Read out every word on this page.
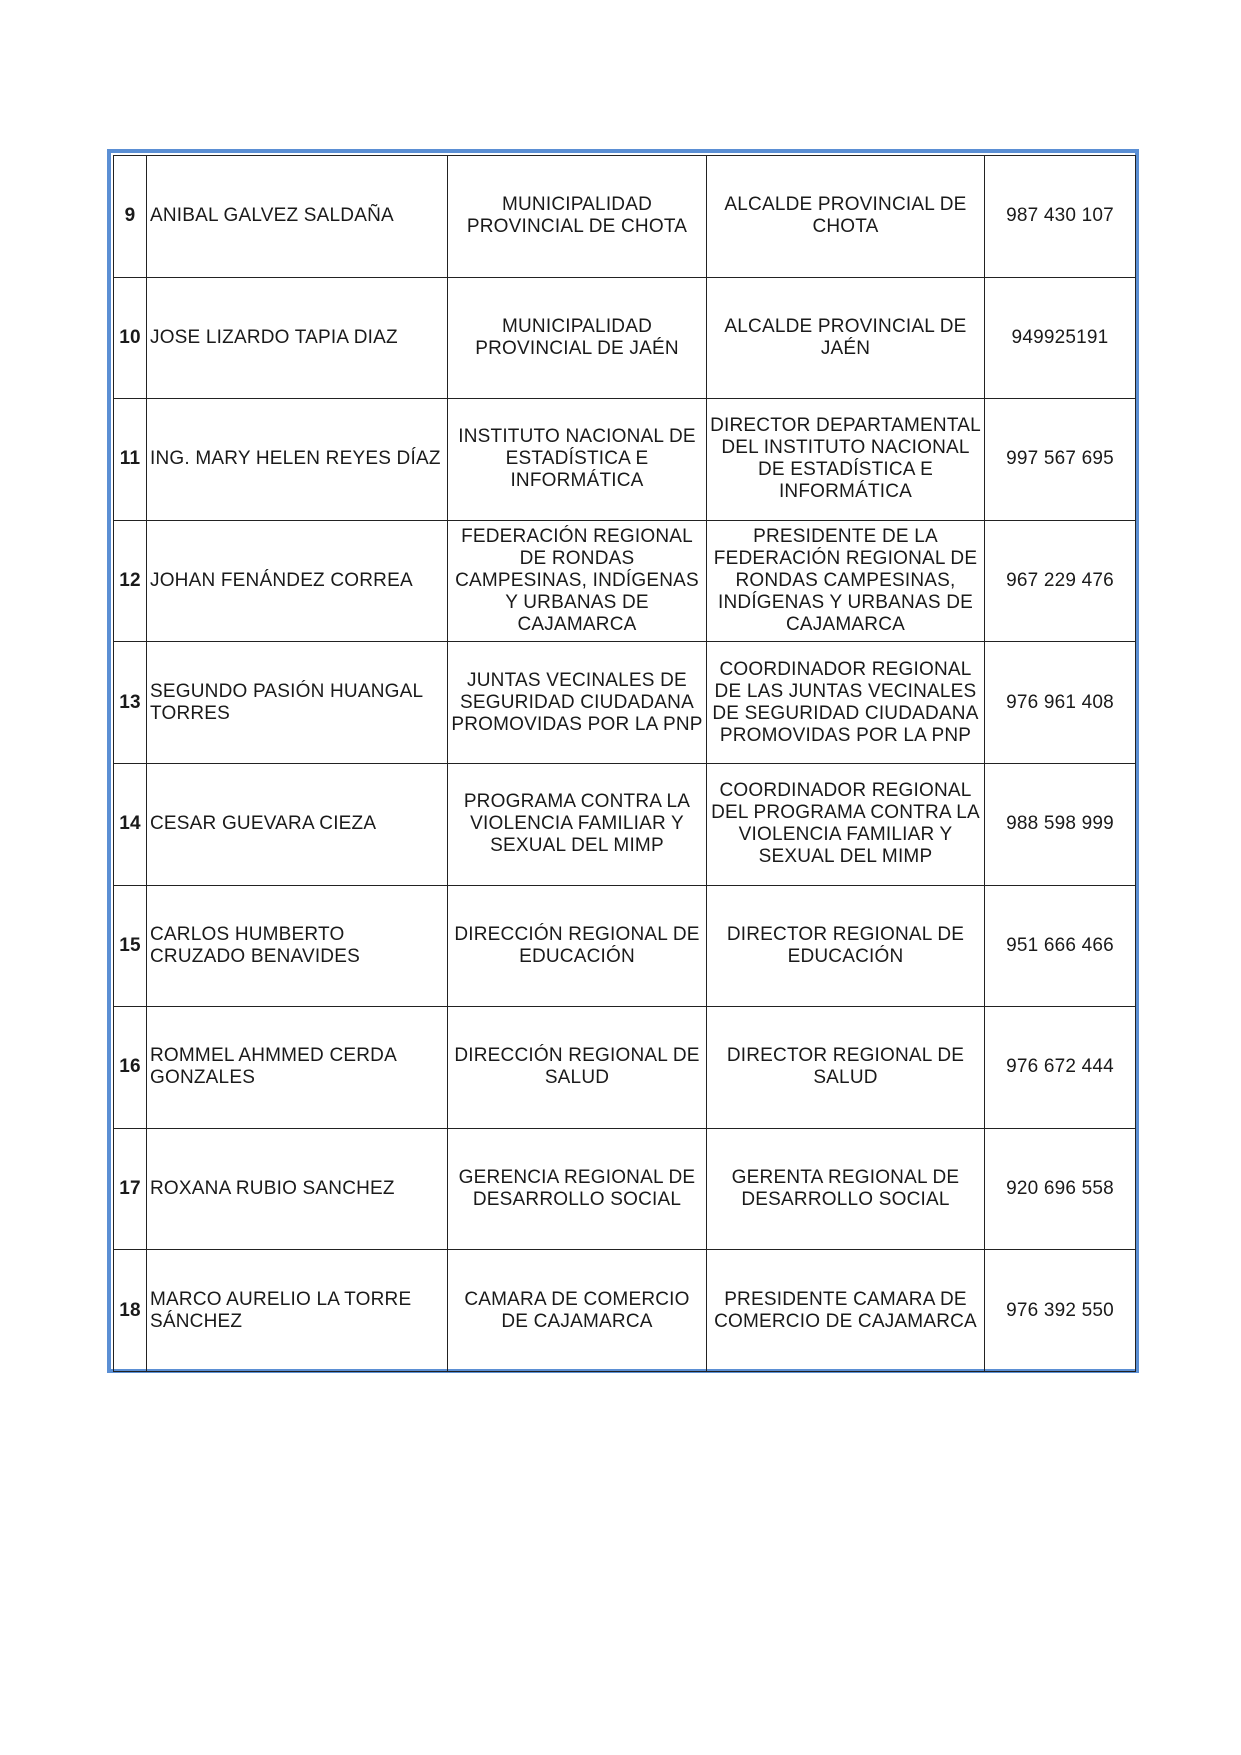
9	ANIBAL GALVEZ SALDAÑA	MUNICIPALIDAD PROVINCIAL DE CHOTA	ALCALDE PROVINCIAL DE CHOTA	987 430 107
10	JOSE LIZARDO TAPIA DIAZ	MUNICIPALIDAD PROVINCIAL DE JAÉN	ALCALDE PROVINCIAL DE JAÉN	949925191
11	ING. MARY HELEN REYES DÍAZ	INSTITUTO NACIONAL DE ESTADÍSTICA E INFORMÁTICA	DIRECTOR DEPARTAMENTAL DEL INSTITUTO NACIONAL DE ESTADÍSTICA E INFORMÁTICA	997 567 695
12	JOHAN FENÁNDEZ CORREA	FEDERACIÓN REGIONAL DE RONDAS CAMPESINAS, INDÍGENAS Y URBANAS DE CAJAMARCA	PRESIDENTE DE LA FEDERACIÓN REGIONAL DE RONDAS CAMPESINAS, INDÍGENAS Y URBANAS DE CAJAMARCA	967 229 476
13	SEGUNDO PASIÓN HUANGAL TORRES	JUNTAS VECINALES DE SEGURIDAD CIUDADANA PROMOVIDAS POR LA PNP	COORDINADOR REGIONAL DE LAS JUNTAS VECINALES DE SEGURIDAD CIUDADANA PROMOVIDAS POR LA PNP	976 961 408
14	CESAR GUEVARA CIEZA	PROGRAMA CONTRA LA VIOLENCIA FAMILIAR Y SEXUAL DEL MIMP	COORDINADOR REGIONAL DEL PROGRAMA CONTRA LA VIOLENCIA FAMILIAR Y SEXUAL DEL MIMP	988 598 999
15	CARLOS HUMBERTO CRUZADO BENAVIDES	DIRECCIÓN REGIONAL DE EDUCACIÓN	DIRECTOR REGIONAL DE EDUCACIÓN	951 666 466
16	ROMMEL AHMMED CERDA GONZALES	DIRECCIÓN REGIONAL DE SALUD	DIRECTOR REGIONAL DE SALUD	976 672 444
17	ROXANA RUBIO SANCHEZ	GERENCIA REGIONAL DE DESARROLLO SOCIAL	GERENTA REGIONAL DE DESARROLLO SOCIAL	920 696 558
18	MARCO AURELIO LA TORRE SÁNCHEZ	CAMARA DE COMERCIO DE CAJAMARCA	PRESIDENTE CAMARA DE COMERCIO DE CAJAMARCA	976 392 550
